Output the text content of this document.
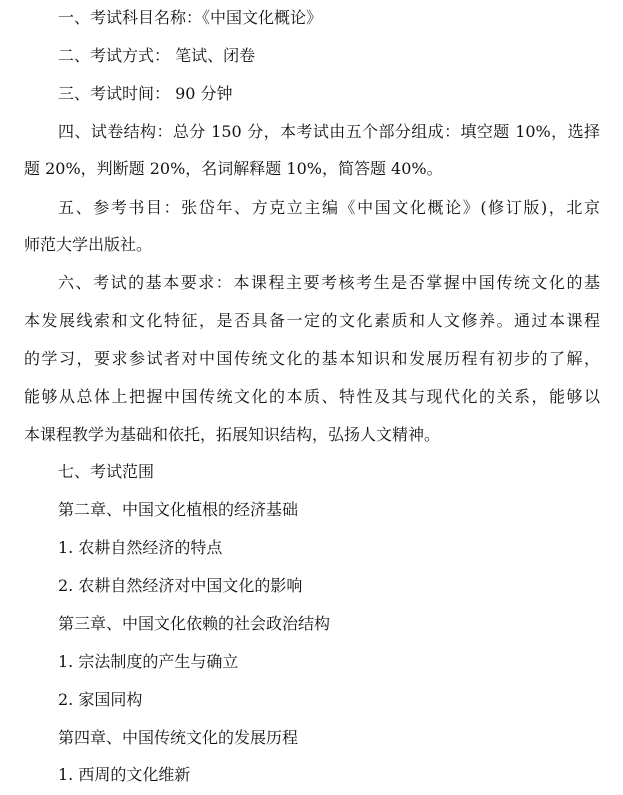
一、考试科目名称：《中国文化概论》
二、考试方式： 笔试、闭卷
三、考试时间： 90 分钟
四、试卷结构：总分 150 分，本考试由五个部分组成：填空题 10%，选择
题 20%，判断题 20%，名词解释题 10%，简答题 40%。
五、参考书目：张岱年、方克立主编《中国文化概论》(修订版)，北京
师范大学出版社。
六、考试的基本要求：本课程主要考核考生是否掌握中国传统文化的基
本发展线索和文化特征，是否具备一定的文化素质和人文修养。通过本课程
的学习，要求参试者对中国传统文化的基本知识和发展历程有初步的了解，
能够从总体上把握中国传统文化的本质、特性及其与现代化的关系，能够以
本课程教学为基础和依托，拓展知识结构，弘扬人文精神。
七、考试范围
第二章、中国文化植根的经济基础
1. 农耕自然经济的特点
2. 农耕自然经济对中国文化的影响
第三章、中国文化依赖的社会政治结构
1. 宗法制度的产生与确立
2. 家国同构
第四章、中国传统文化的发展历程
1. 西周的文化维新
